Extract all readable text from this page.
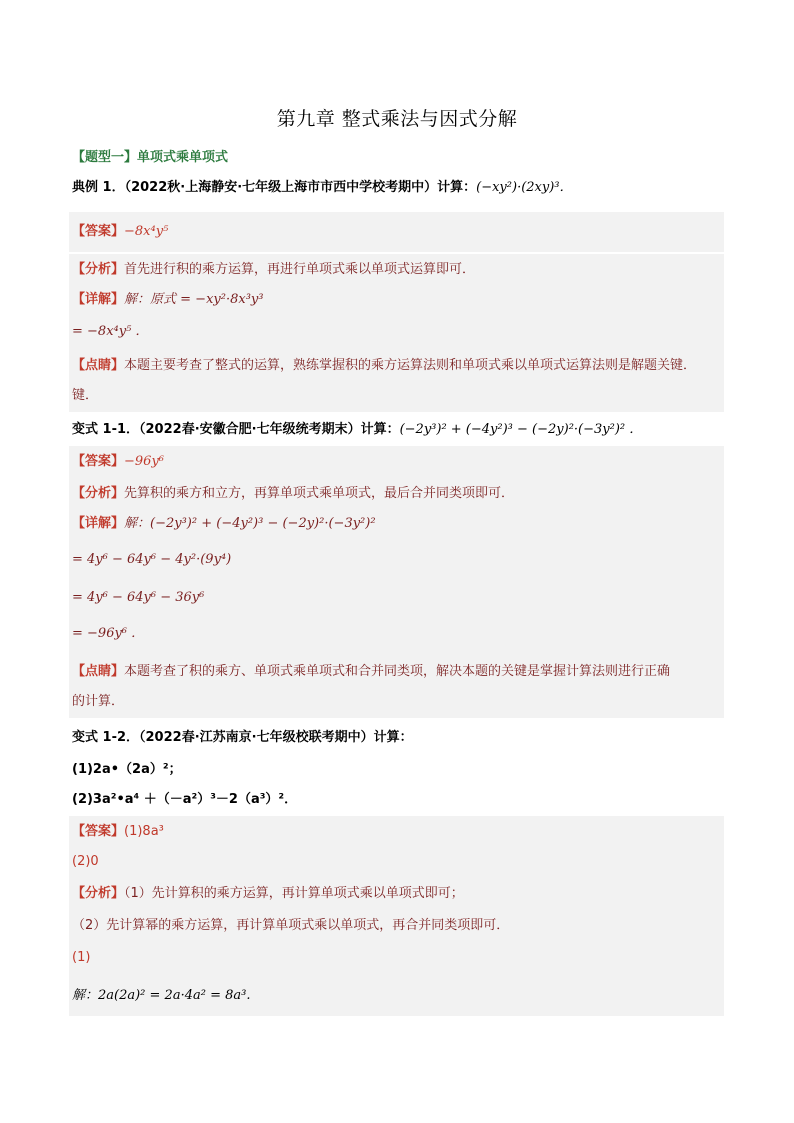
第九章 整式乘法与因式分解
【题型一】单项式乘单项式
典例 1．（2022秋·上海静安·七年级上海市市西中学校考期中）计算：(−xy²)·(2xy)³．
【答案】−8x⁴y⁵
【分析】首先进行积的乘方运算，再进行单项式乘以单项式运算即可．
【详解】解：原式 = −xy²·8x³y³
= −8x⁴y⁵ ．
【点睛】本题主要考查了整式的运算，熟练掌握积的乘方运算法则和单项式乘以单项式运算法则是解题关键．
键．
变式 1-1．（2022春·安徽合肥·七年级统考期末）计算：(−2y³)² + (−4y²)³ − (−2y)²·(−3y²)² ．
【答案】−96y⁶
【分析】先算积的乘方和立方，再算单项式乘单项式，最后合并同类项即可．
【详解】解：(−2y³)² + (−4y²)³ − (−2y)²·(−3y²)²
= 4y⁶ − 64y⁶ − 4y²·(9y⁴)
= 4y⁶ − 64y⁶ − 36y⁶
= −96y⁶ ．
【点睛】本题考查了积的乘方、单项式乘单项式和合并同类项，解决本题的关键是掌握计算法则进行正确
的计算．
变式 1-2．（2022春·江苏南京·七年级校联考期中）计算：
(1)2a•（2a）²；
(2)3a²•a⁴ ＋（－a²）³－2（a³）²．
【答案】(1)8a³
(2)0
【分析】（1）先计算积的乘方运算，再计算单项式乘以单项式即可；
（2）先计算幂的乘方运算，再计算单项式乘以单项式，再合并同类项即可．
(1)
解：2a(2a)² = 2a·4a² = 8a³.
